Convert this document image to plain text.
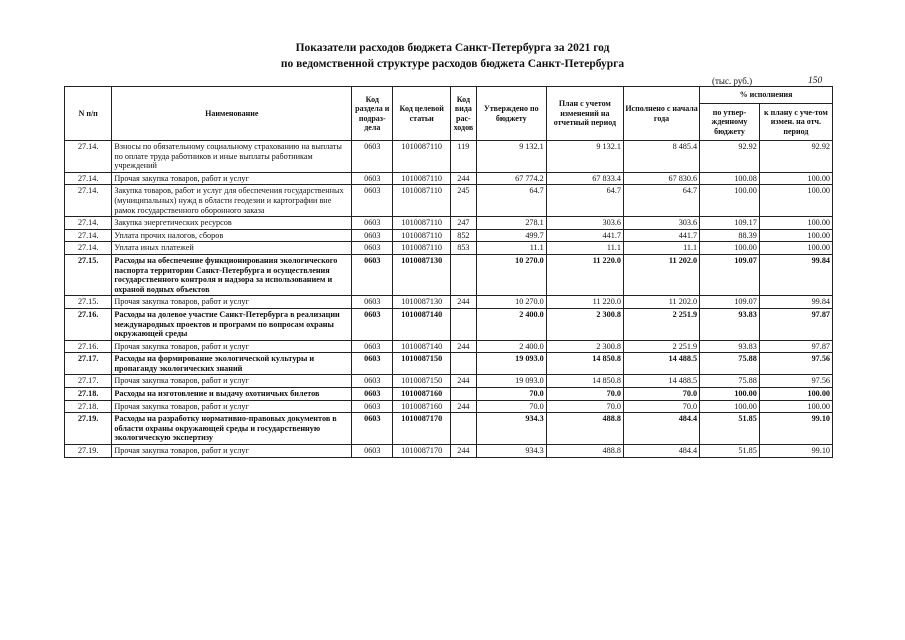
Показатели расходов бюджета Санкт-Петербурга за 2021 год
по ведомственной структуре расходов бюджета Санкт-Петербурга
(тыс. руб.)	150
N п/п	Наименование	Код раздела и подраз-дела	Код целевой статьи	Код вида рас-ходов	Утверждено по бюджету	План с учетом изменений на отчетный период	Исполнено с начала года	% исполнения	
								по утвер-жденному бюджету	к плану с уче-том измен. на отч. период
27.14.	Взносы по обязательному социальному страхованию на выплаты по оплате труда работников и иные выплаты работникам учреждений	0603	1010087110	119	9 132.1	9 132.1	8 485.4	92.92	92.92
27.14.	Прочая закупка товаров, работ и услуг	0603	1010087110	244	67 774.2	67 833.4	67 830.6	100.08	100.00
27.14.	Закупка товаров, работ и услуг для обеспечения государственных (муниципальных) нужд в области геодезии и картографии вне рамок государственного оборонного заказа	0603	1010087110	245	64.7	64.7	64.7	100.00	100.00
27.14.	Закупка энергетических ресурсов	0603	1010087110	247	278.1	303.6	303.6	109.17	100.00
27.14.	Уплата прочих налогов, сборов	0603	1010087110	852	499.7	441.7	441.7	88.39	100.00
27.14.	Уплата иных платежей	0603	1010087110	853	11.1	11.1	11.1	100.00	100.00
27.15.	Расходы на обеспечение функционирования экологического паспорта территории Санкт-Петербурга и осуществления государственного контроля и надзора за использованием и охраной водных объектов	0603	1010087130		10 270.0	11 220.0	11 202.0	109.07	99.84
27.15.	Прочая закупка товаров, работ и услуг	0603	1010087130	244	10 270.0	11 220.0	11 202.0	109.07	99.84
27.16.	Расходы на долевое участие Санкт-Петербурга в реализации международных проектов и программ по вопросам охраны окружающей среды	0603	1010087140		2 400.0	2 300.8	2 251.9	93.83	97.87
27.16.	Прочая закупка товаров, работ и услуг	0603	1010087140	244	2 400.0	2 300.8	2 251.9	93.83	97.87
27.17.	Расходы на формирование экологической культуры и пропаганду экологических знаний	0603	1010087150		19 093.0	14 850.8	14 488.5	75.88	97.56
27.17.	Прочая закупка товаров, работ и услуг	0603	1010087150	244	19 093.0	14 850.8	14 488.5	75.88	97.56
27.18.	Расходы на изготовление и выдачу охотничьих билетов	0603	1010087160		70.0	70.0	70.0	100.00	100.00
27.18.	Прочая закупка товаров, работ и услуг	0603	1010087160	244	70.0	70.0	70.0	100.00	100.00
27.19.	Расходы на разработку нормативно-правовых документов в области охраны окружающей среды и государственную экологическую экспертизу	0603	1010087170		934.3	488.8	484.4	51.85	99.10
27.19.	Прочая закупка товаров, работ и услуг	0603	1010087170	244	934.3	488.8	484.4	51.85	99.10
